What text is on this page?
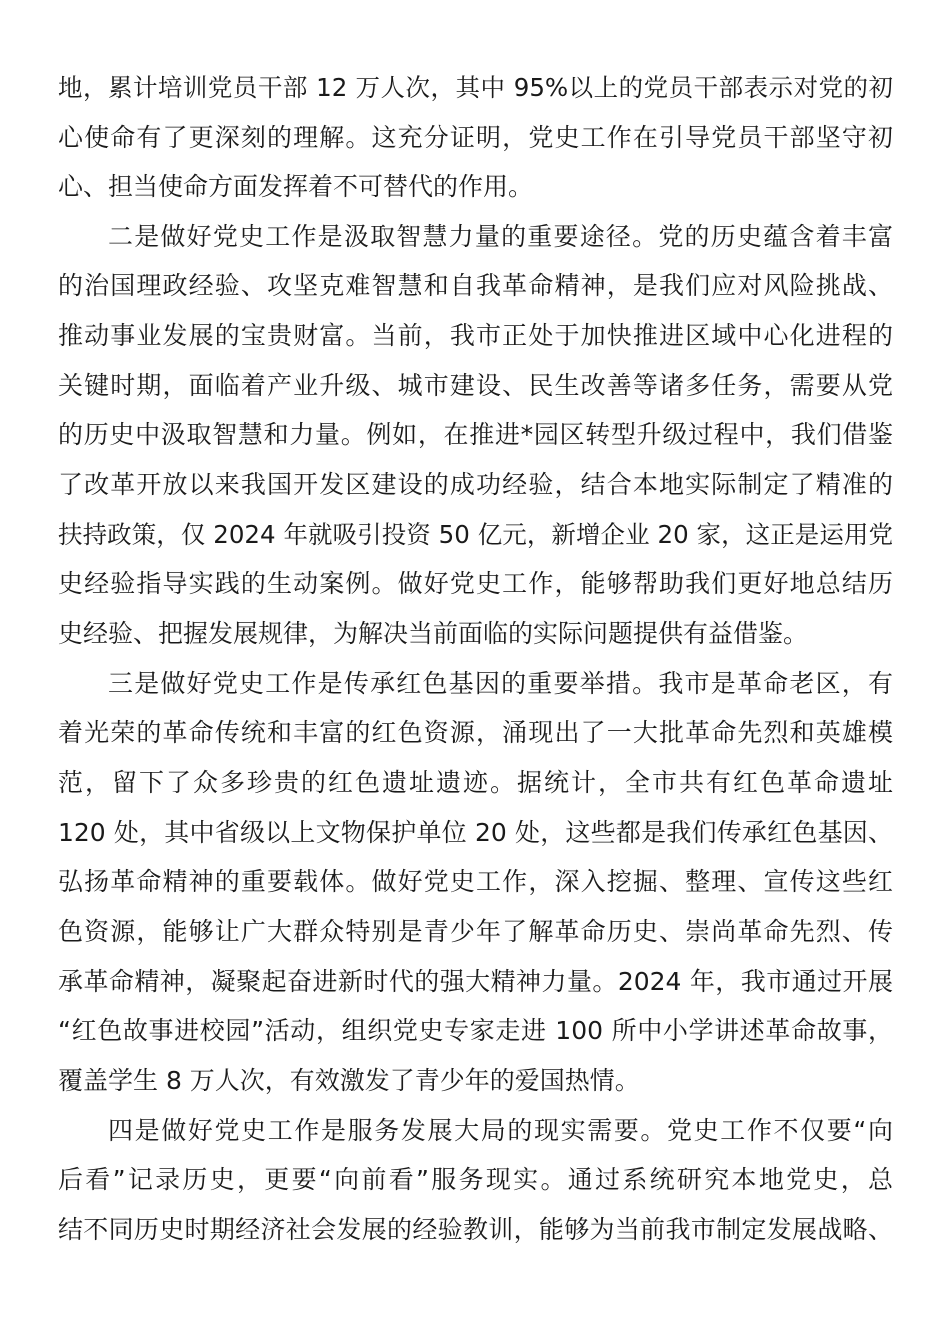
地，累计培训党员干部 12 万人次，其中 95%以上的党员干部表示对党的初
心使命有了更深刻的理解。这充分证明，党史工作在引导党员干部坚守初
心、担当使命方面发挥着不可替代的作用。
二是做好党史工作是汲取智慧力量的重要途径。党的历史蕴含着丰富
的治国理政经验、攻坚克难智慧和自我革命精神，是我们应对风险挑战、
推动事业发展的宝贵财富。当前，我市正处于加快推进区域中心化进程的
关键时期，面临着产业升级、城市建设、民生改善等诸多任务，需要从党
的历史中汲取智慧和力量。例如，在推进*园区转型升级过程中，我们借鉴
了改革开放以来我国开发区建设的成功经验，结合本地实际制定了精准的
扶持政策，仅 2024 年就吸引投资 50 亿元，新增企业 20 家，这正是运用党
史经验指导实践的生动案例。做好党史工作，能够帮助我们更好地总结历
史经验、把握发展规律，为解决当前面临的实际问题提供有益借鉴。
三是做好党史工作是传承红色基因的重要举措。我市是革命老区，有
着光荣的革命传统和丰富的红色资源，涌现出了一大批革命先烈和英雄模
范，留下了众多珍贵的红色遗址遗迹。据统计，全市共有红色革命遗址
120 处，其中省级以上文物保护单位 20 处，这些都是我们传承红色基因、
弘扬革命精神的重要载体。做好党史工作，深入挖掘、整理、宣传这些红
色资源，能够让广大群众特别是青少年了解革命历史、崇尚革命先烈、传
承革命精神，凝聚起奋进新时代的强大精神力量。2024 年，我市通过开展
“红色故事进校园”活动，组织党史专家走进 100 所中小学讲述革命故事，
覆盖学生 8 万人次，有效激发了青少年的爱国热情。
四是做好党史工作是服务发展大局的现实需要。党史工作不仅要“向
后看”记录历史，更要“向前看”服务现实。通过系统研究本地党史，总
结不同历史时期经济社会发展的经验教训，能够为当前我市制定发展战略、
